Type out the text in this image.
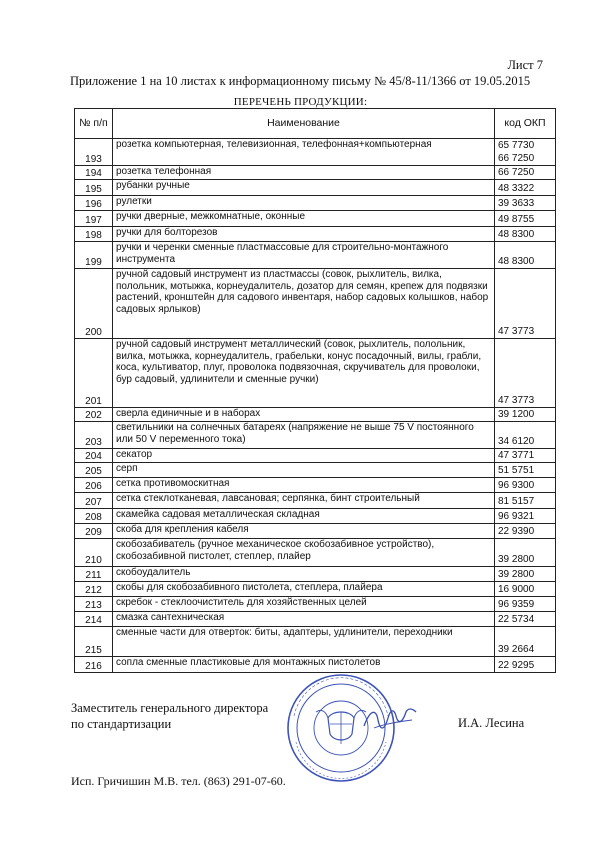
Лист 7
Приложение 1 на 10 листах к информационному письму № 45/8-11/1366 от 19.05.2015
ПЕРЕЧЕНЬ ПРОДУКЦИИ:
№ п/п	Наименование	код ОКП
193	розетка компьютерная, телевизионная, телефонная+компьютерная	65 7730
66 7250

194	розетка телефонная	66 7250

195	рубанки ручные	48 3322

196	рулетки	39 3633

197	ручки дверные, межкомнатные, оконные	49 8755

198	ручки для болторезов	48 8300

199	ручки и черенки сменные пластмассовые для строительно-монтажного инструмента	48 8300

200	ручной садовый инструмент из пластмассы (совок, рыхлитель, вилка, полольник, мотыжка, корнеудалитель, дозатор для семян, крепеж для подвязки растений, кронштейн для садового инвентаря, набор садовых колышков, набор садовых ярлыков)	47 3773

201	ручной садовый инструмент металлический (совок, рыхлитель, полольник, вилка, мотыжка, корнеудалитель, грабельки, конус посадочный, вилы, грабли, коса, культиватор, плуг, проволока подвязочная, скручиватель для проволоки, бур садовый, удлинители и сменные ручки)	47 3773

202	сверла единичные и в наборах	39 1200

203	светильники на солнечных батареях (напряжение не выше 75 V постоянного или 50 V переменного тока)	34 6120

204	секатор	47 3771

205	серп	51 5751

206	сетка противомоскитная	96 9300

207	сетка стеклотканевая, лавсановая; серпянка, бинт строительный	81 5157

208	скамейка садовая металлическая складная	96 9321

209	скоба для крепления кабеля	22 9390

210	скобозабиватель (ручное механическое скобозабивное устройство), скобозабивной пистолет, степлер, плайер	39 2800

211	скобоудалитель	39 2800

212	скобы для скобозабивного пистолета, степлера, плайера	16 9000

213	скребок - стеклоочиститель для хозяйственных целей	96 9359

214	смазка сантехническая	22 5734

215	сменные части для отверток: биты, адаптеры, удлинители, переходники	39 2664

216	сопла сменные пластиковые для монтажных пистолетов	22 9295
Заместитель генерального директора
по стандартизации	И.А. Лесина
Исп. Гричишин М.В. тел. (863) 291-07-60.
